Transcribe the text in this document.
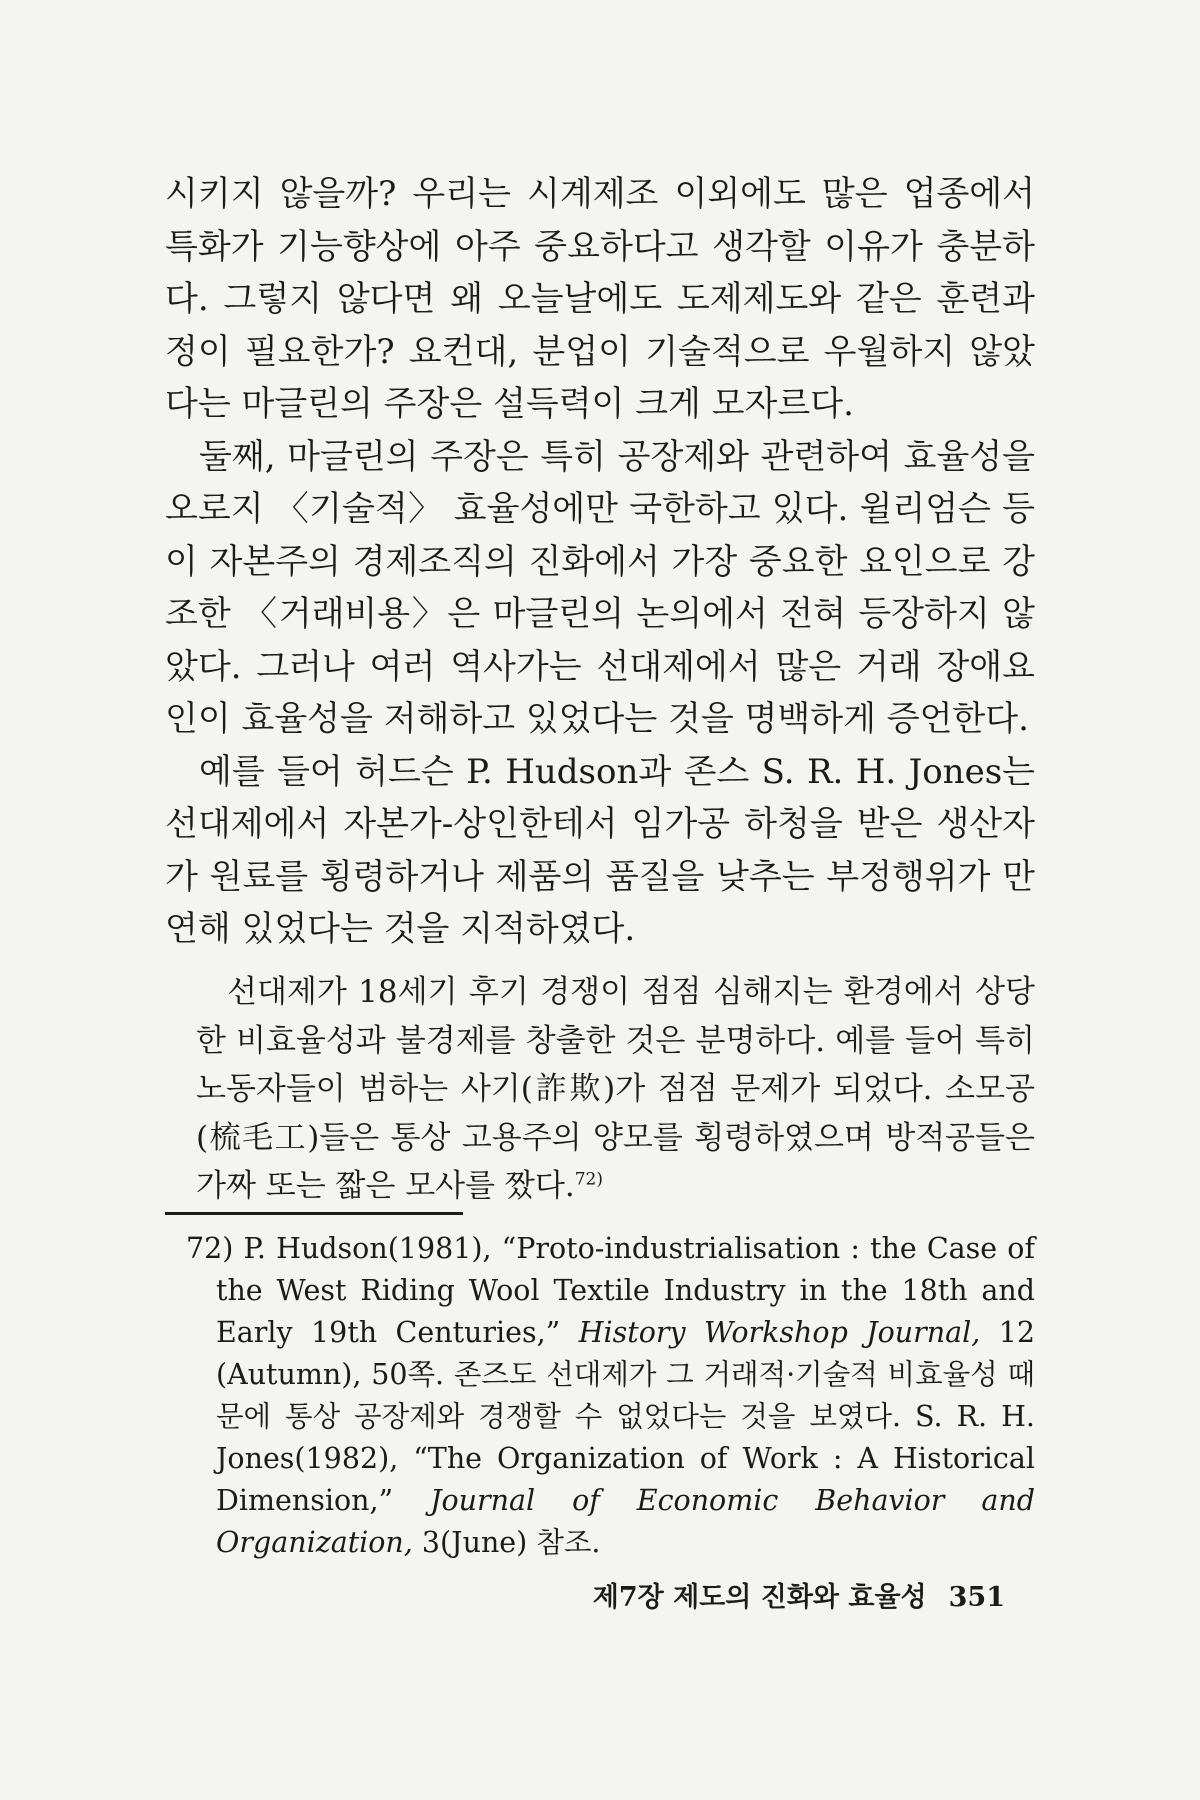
시키지 않을까? 우리는 시계제조 이외에도 많은 업종에서 특화가 기능향상에 아주 중요하다고 생각할 이유가 충분하다. 그렇지 않다면 왜 오늘날에도 도제제도와 같은 훈련과정이 필요한가? 요컨대, 분업이 기술적으로 우월하지 않았다는 마글린의 주장은 설득력이 크게 모자르다.

둘째, 마글린의 주장은 특히 공장제와 관련하여 효율성을 오로지 〈기술적〉 효율성에만 국한하고 있다. 윌리엄슨 등이 자본주의 경제조직의 진화에서 가장 중요한 요인으로 강조한 〈거래비용〉은 마글린의 논의에서 전혀 등장하지 않았다. 그러나 여러 역사가는 선대제에서 많은 거래 장애요인이 효율성을 저해하고 있었다는 것을 명백하게 증언한다.

예를 들어 허드슨 P. Hudson과 존스 S. R. H. Jones는 선대제에서 자본가-상인한테서 임가공 하청을 받은 생산자가 원료를 횡령하거나 제품의 품질을 낮추는 부정행위가 만연해 있었다는 것을 지적하였다.

선대제가 18세기 후기 경쟁이 점점 심해지는 환경에서 상당한 비효율성과 불경제를 창출한 것은 분명하다. 예를 들어 특히 노동자들이 범하는 사기(詐欺)가 점점 문제가 되었다. 소모공(梳毛工)들은 통상 고용주의 양모를 횡령하였으며 방적공들은 가짜 또는 짧은 모사를 짰다.$^{72)}$

72) P. Hudson(1981), “Proto-industrialisation : the Case of the West Riding Wool Textile Industry in the 18th and Early 19th Centuries,” History Workshop Journal, 12 (Autumn), 50쪽. 존즈도 선대제가 그 거래적·기술적 비효율성 때문에 통상 공장제와 경쟁할 수 없었다는 것을 보였다. S. R. H. Jones(1982), “The Organization of Work : A Historical Dimension,” Journal of Economic Behavior and Organization, 3(June) 참조.

제7장 제도의 진화와 효율성 351
